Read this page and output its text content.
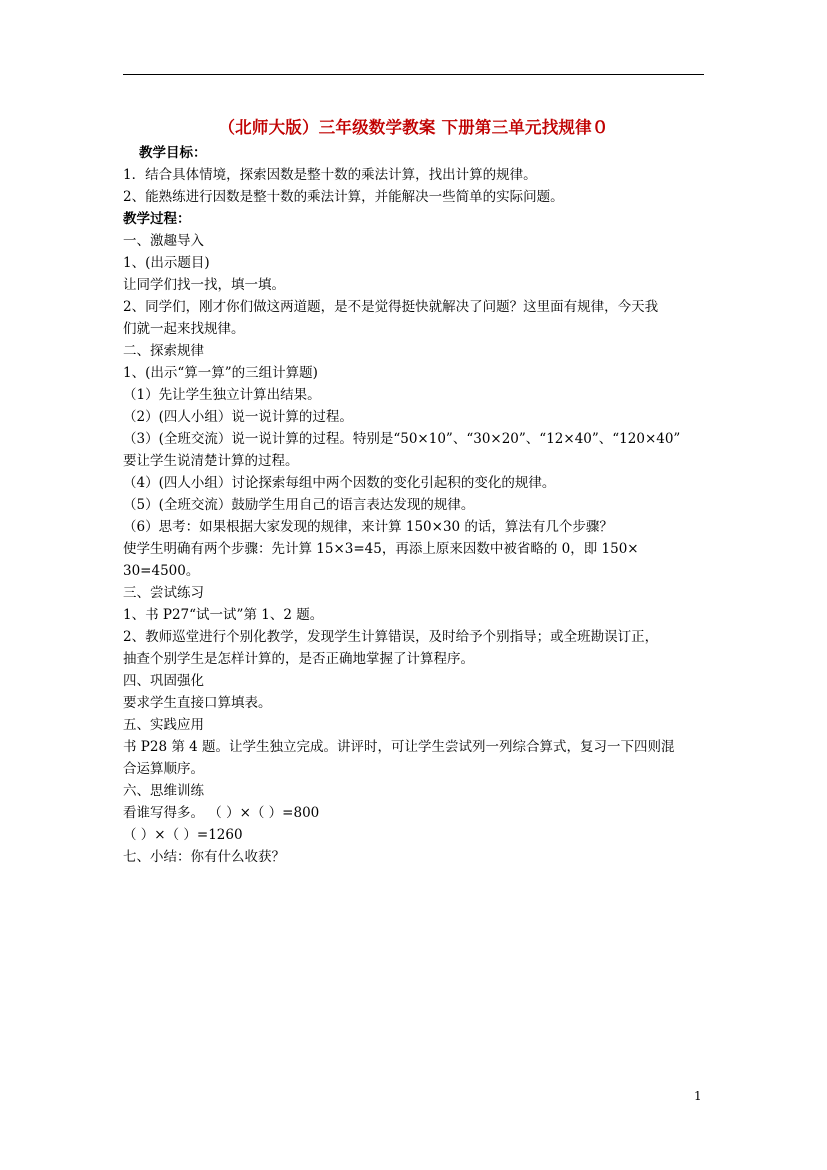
（北师大版）三年级数学教案 下册第三单元找规律０
教学目标：
1．结合具体情境，探索因数是整十数的乘法计算，找出计算的规律。
2、能熟练进行因数是整十数的乘法计算，并能解决一些简单的实际问题。
教学过程：
一、激趣导入
1、(出示题目)
让同学们找一找，填一填。
2、同学们，刚才你们做这两道题，是不是觉得挺快就解决了问题？这里面有规律，今天我
们就一起来找规律。
二、探索规律
1、(出示“算一算”的三组计算题)
（1）先让学生独立计算出结果。
（2）(四人小组）说一说计算的过程。
（3）(全班交流）说一说计算的过程。特别是“50×10”、“30×20”、“12×40”、“120×40”
要让学生说清楚计算的过程。
（4）(四人小组）讨论探索每组中两个因数的变化引起积的变化的规律。
（5）(全班交流）鼓励学生用自己的语言表达发现的规律。
（6）思考：如果根据大家发现的规律，来计算 150×30 的话，算法有几个步骤？
使学生明确有两个步骤：先计算 15×3=45，再添上原来因数中被省略的 0，即 150×
30=4500。
三、尝试练习
1、书 P27“试一试”第 1、2 题。
2、教师巡堂进行个别化教学，发现学生计算错误，及时给予个别指导；或全班勘误订正，
抽查个别学生是怎样计算的，是否正确地掌握了计算程序。
四、巩固强化
要求学生直接口算填表。
五、实践应用
书 P28 第 4 题。让学生独立完成。讲评时，可让学生尝试列一列综合算式，复习一下四则混
合运算顺序。
六、思维训练
看谁写得多。 （ ）×（ ）=800
（ ）×（ ）=1260
七、小结：你有什么收获？
1
